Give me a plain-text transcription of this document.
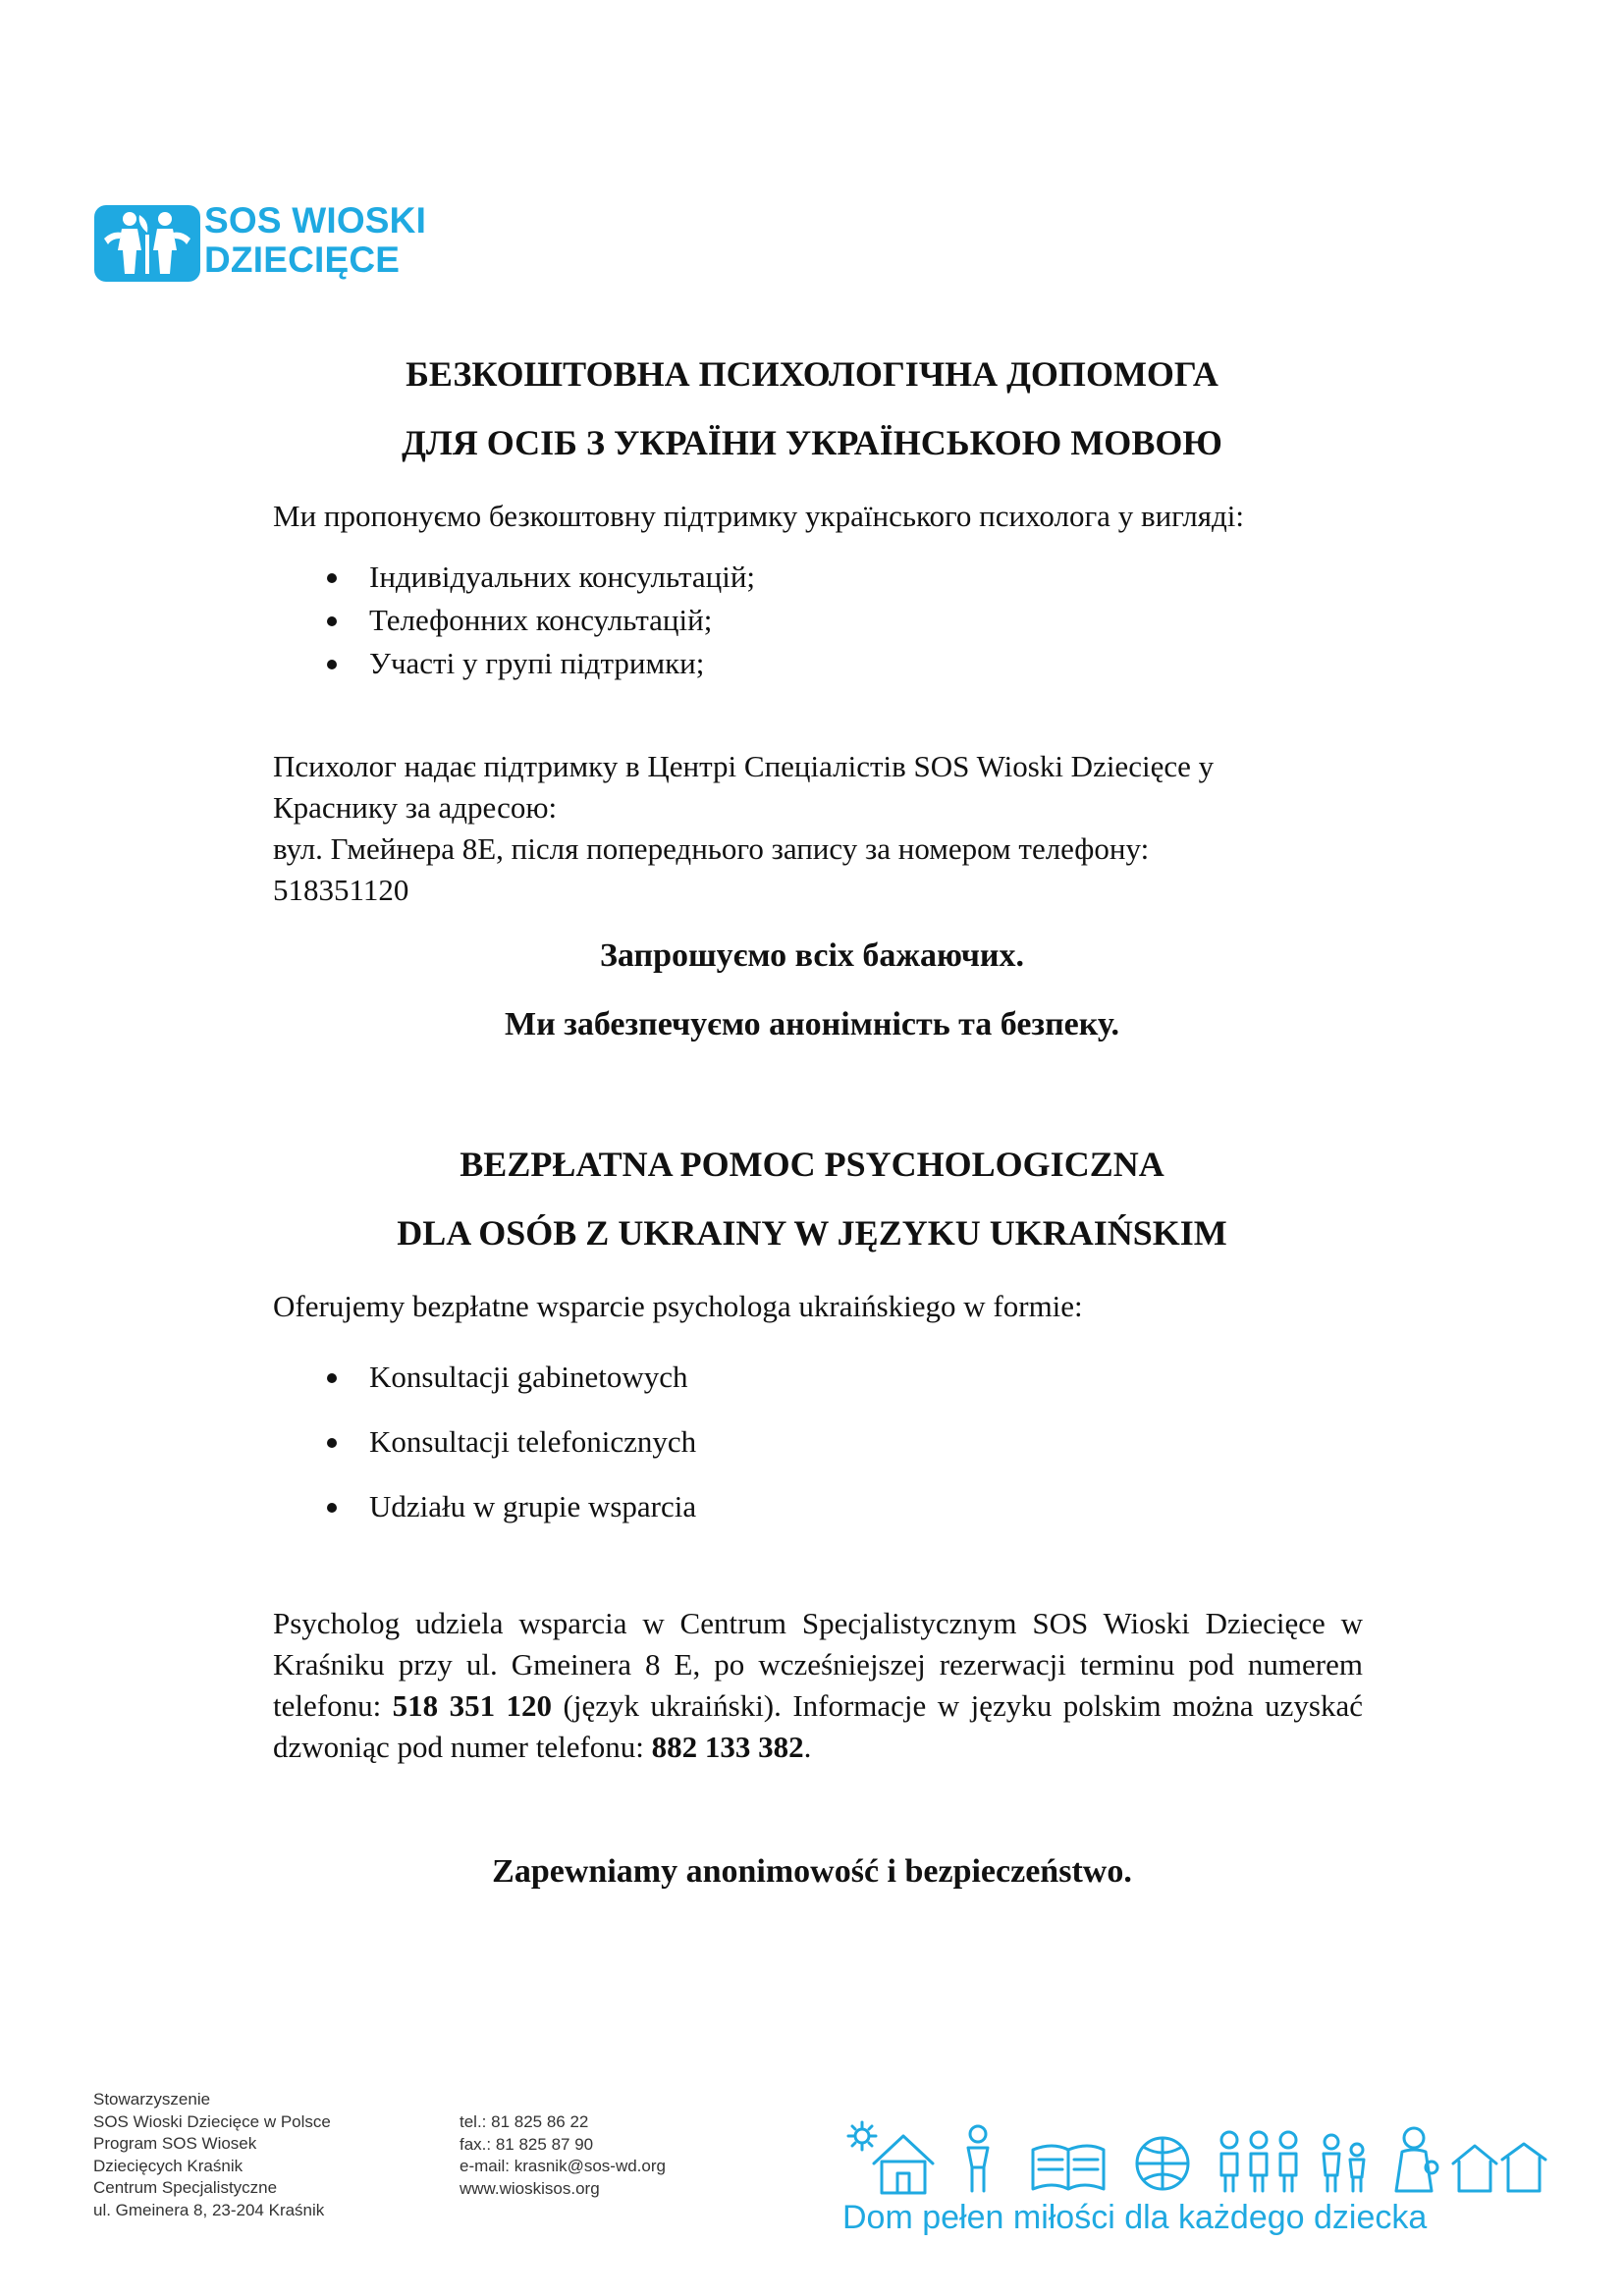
SOS WIOSKI
DZIECIĘCE
БЕЗКОШТОВНА ПСИХОЛОГІЧНА ДОПОМОГА
ДЛЯ ОСІБ З УКРАЇНИ УКРАЇНСЬКОЮ МОВОЮ

Ми пропонуємо безкоштовну підтримку українського психолога у вигляді:

Індивідуальних консультацій;
Телефонних консультацій;
Участі у групі підтримки;
Психолог надає підтримку в Центрі Спеціалістів SOS Wioski Dziecięce у
Краснику за адресою:
вул. Гмейнера 8Е, після попереднього запису за номером телефону:
518351120

Запрошуємо всіх бажаючих.

Ми забезпечуємо анонімність та безпеку.

BEZPŁATNA POMOC PSYCHOLOGICZNA
DLA OSÓB Z UKRAINY W JĘZYKU UKRAIŃSKIM

Oferujemy bezpłatne wsparcie psychologa ukraińskiego w formie:

Konsultacji gabinetowych
Konsultacji telefonicznych
Udziału w grupie wsparcia

Psycholog udziela wsparcia w Centrum Specjalistycznym SOS Wioski Dziecięce w Kraśniku przy ul. Gmeinera 8 E, po wcześniejszej rezerwacji terminu pod numerem telefonu: 518 351 120 (język ukraiński). Informacje w języku polskim można uzyskać dzwoniąc pod numer telefonu: 882 133 382.

Zapewniamy anonimowość i bezpieczeństwo.

Stowarzyszenie
SOS Wioski Dziecięce w Polsce
Program SOS Wiosek
Dziecięcych Kraśnik
Centrum Specjalistyczne
ul. Gmeinera 8, 23-204 Kraśnik
tel.: 81 825 86 22
fax.: 81 825 87 90
e-mail: krasnik@sos-wd.org
www.wioskisos.org
Dom pełen miłości dla każdego dziecka
